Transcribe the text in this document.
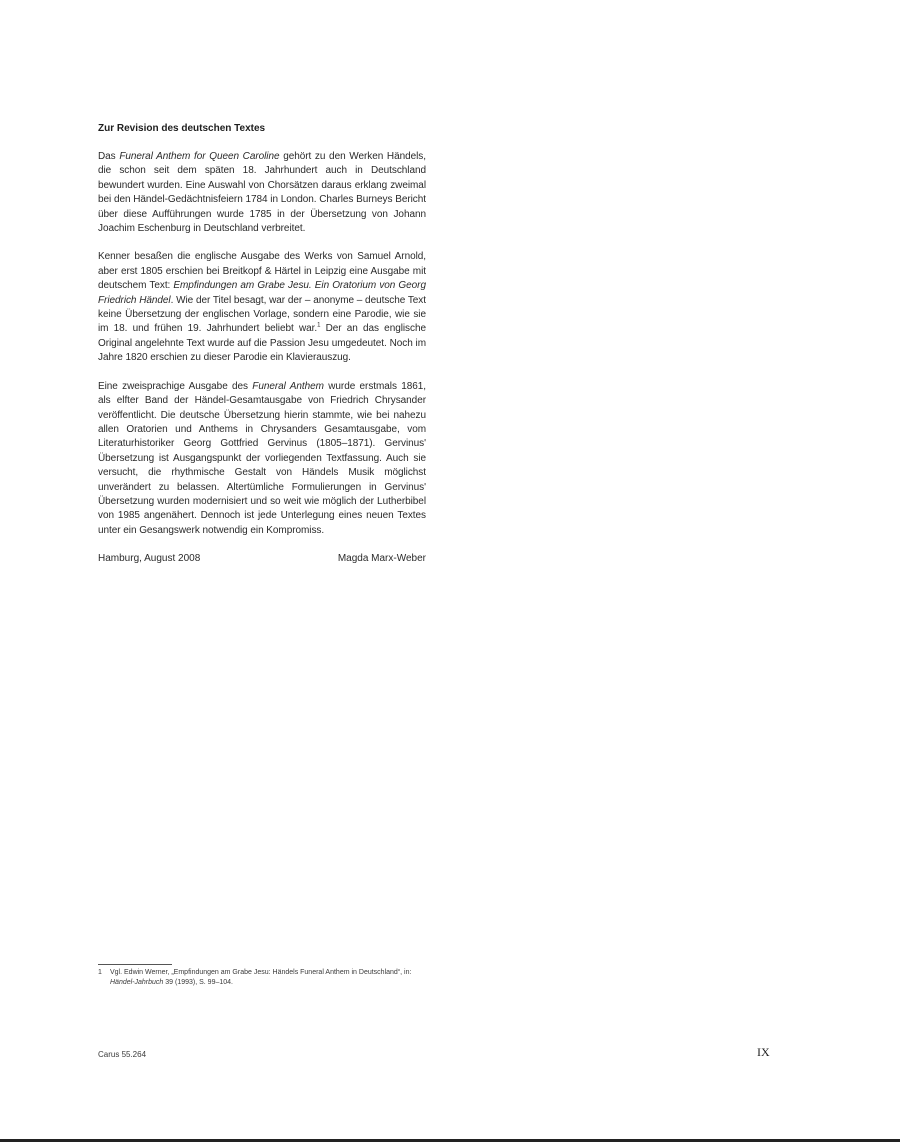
Zur Revision des deutschen Textes

Das Funeral Anthem for Queen Caroline gehört zu den Werken Händels, die schon seit dem späten 18. Jahrhundert auch in Deutschland bewundert wurden. Eine Auswahl von Chorsätzen daraus erklang zweimal bei den Händel-Gedächtnisfeiern 1784 in London. Charles Burneys Bericht über diese Aufführungen wurde 1785 in der Übersetzung von Johann Joachim Eschenburg in Deutschland verbreitet.

Kenner besaßen die englische Ausgabe des Werks von Samuel Arnold, aber erst 1805 erschien bei Breitkopf & Härtel in Leipzig eine Ausgabe mit deutschem Text: Empfindungen am Grabe Jesu. Ein Oratorium von Georg Friedrich Händel. Wie der Titel besagt, war der – anonyme – deutsche Text keine Übersetzung der englischen Vorlage, sondern eine Parodie, wie sie im 18. und frühen 19. Jahrhundert beliebt war.$^1$ Der an das englische Original angelehnte Text wurde auf die Passion Jesu umgedeutet. Noch im Jahre 1820 erschien zu dieser Parodie ein Klavierauszug.

Eine zweisprachige Ausgabe des Funeral Anthem wurde erstmals 1861, als elfter Band der Händel-Gesamtausgabe von Friedrich Chrysander veröffentlicht. Die deutsche Übersetzung hierin stammte, wie bei nahezu allen Oratorien und Anthems in Chrysanders Gesamtausgabe, vom Literaturhistoriker Georg Gottfried Gervinus (1805–1871). Gervinus' Übersetzung ist Ausgangspunkt der vorliegenden Textfassung. Auch sie versucht, die rhythmische Gestalt von Händels Musik möglichst unverändert zu belassen. Altertümliche Formulierungen in Gervinus' Übersetzung wurden modernisiert und so weit wie möglich der Lutherbibel von 1985 angenähert. Dennoch ist jede Unterlegung eines neuen Textes unter ein Gesangswerk notwendig ein Kompromiss.

Hamburg, August 2008	Magda Marx-Weber
1	Vgl. Edwin Werner, „Empfindungen am Grabe Jesu: Händels Funeral Anthem in Deutschland“, in: Händel-Jahrbuch 39 (1993), S. 99–104.
Carus 55.264	IX
